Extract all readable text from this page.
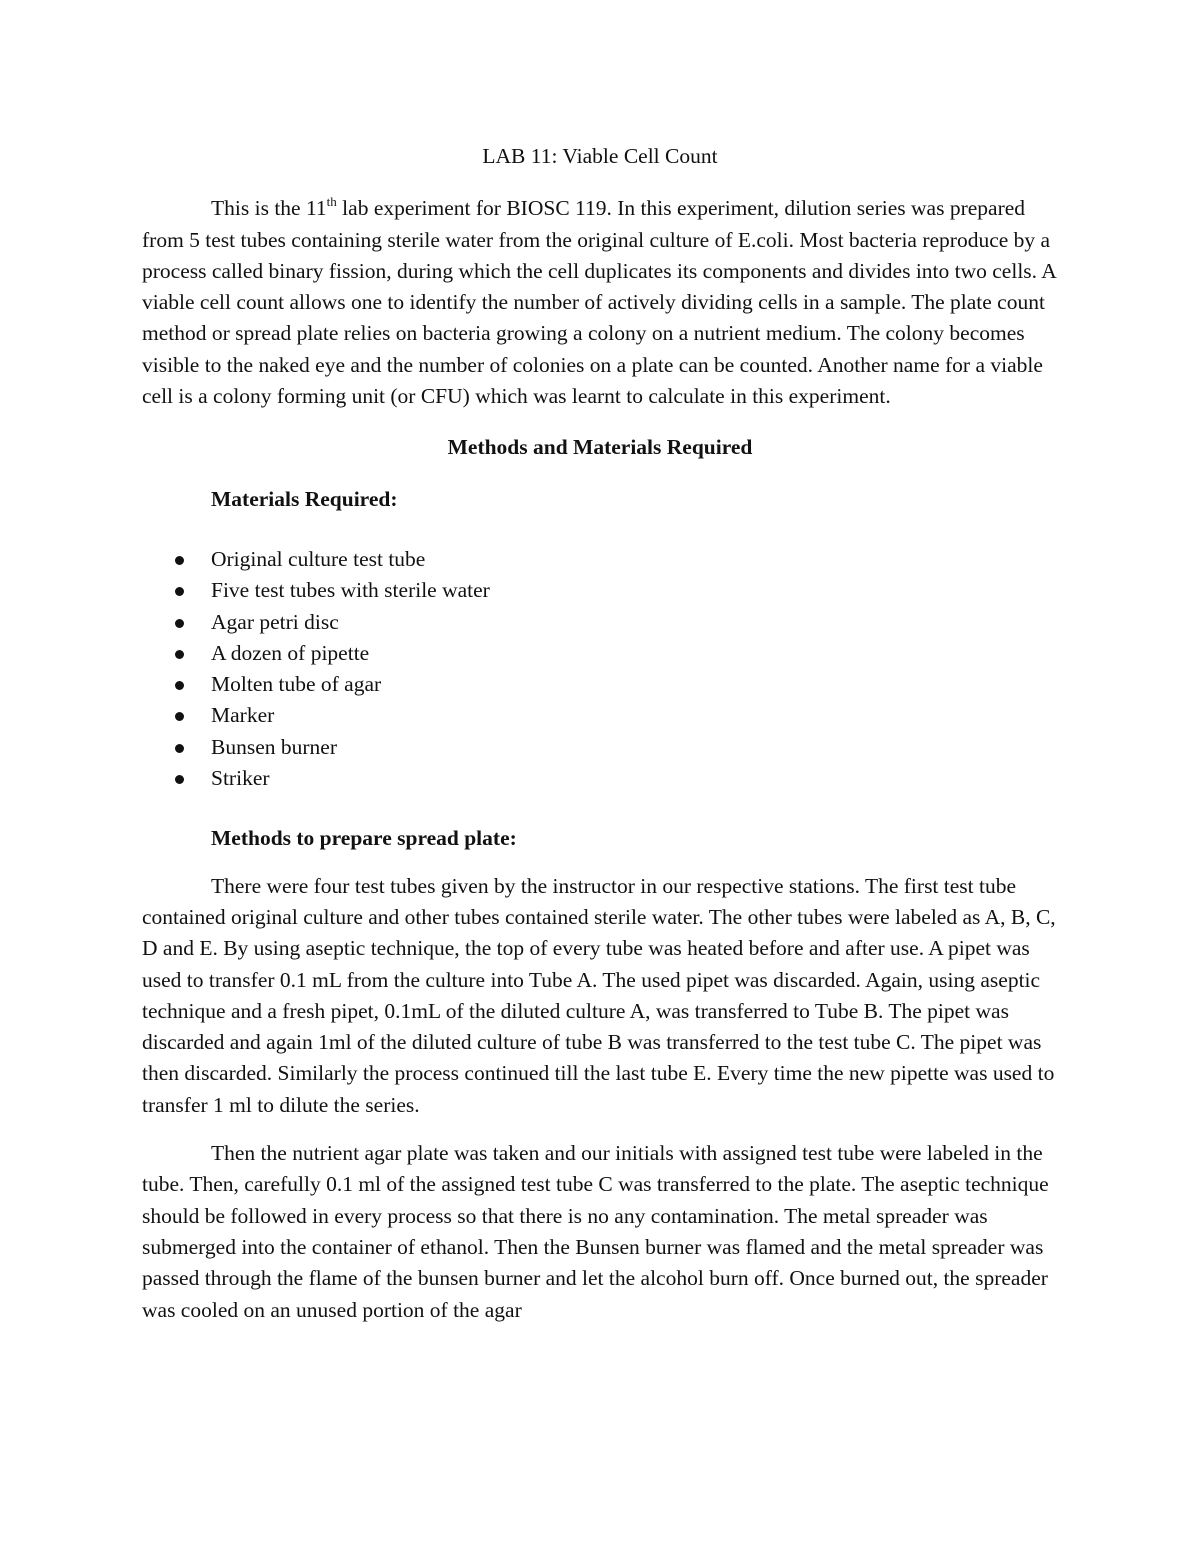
LAB 11: Viable Cell Count

This is the 11th lab experiment for BIOSC 119. In this experiment, dilution series was prepared from 5 test tubes containing sterile water from the original culture of E.coli. Most bacteria reproduce by a process called binary fission, during which the cell duplicates its components and divides into two cells. A viable cell count allows one to identify the number of actively dividing cells in a sample. The plate count method or spread plate relies on bacteria growing a colony on a nutrient medium. The colony becomes visible to the naked eye and the number of colonies on a plate can be counted. Another name for a viable cell is a colony forming unit (or CFU) which was learnt to calculate in this experiment.

Methods and Materials Required

Materials Required:

Original culture test tube
Five test tubes with sterile water
Agar petri disc
A dozen of pipette
Molten tube of agar
Marker
Bunsen burner
Striker

Methods to prepare spread plate:

There were four test tubes given by the instructor in our respective stations. The first test tube contained original culture and other tubes contained sterile water. The other tubes were labeled as A, B, C, D and E. By using aseptic technique, the top of every tube was heated before and after use. A pipet was used to transfer 0.1 mL from the culture into Tube A. The used pipet was discarded. Again, using aseptic technique and a fresh pipet, 0.1mL of the diluted culture A, was transferred to Tube B. The pipet was discarded and again 1ml of the diluted culture of tube B was transferred to the test tube C. The pipet was then discarded. Similarly the process continued till the last tube E. Every time the new pipette was used to transfer 1 ml to dilute the series.

Then the nutrient agar plate was taken and our initials with assigned test tube were labeled in the tube. Then, carefully 0.1 ml of the assigned test tube C was transferred to the plate. The aseptic technique should be followed in every process so that there is no any contamination. The metal spreader was submerged into the container of ethanol. Then the Bunsen burner was flamed and the metal spreader was passed through the flame of the bunsen burner and let the alcohol burn off. Once burned out, the spreader was cooled on an unused portion of the agar
